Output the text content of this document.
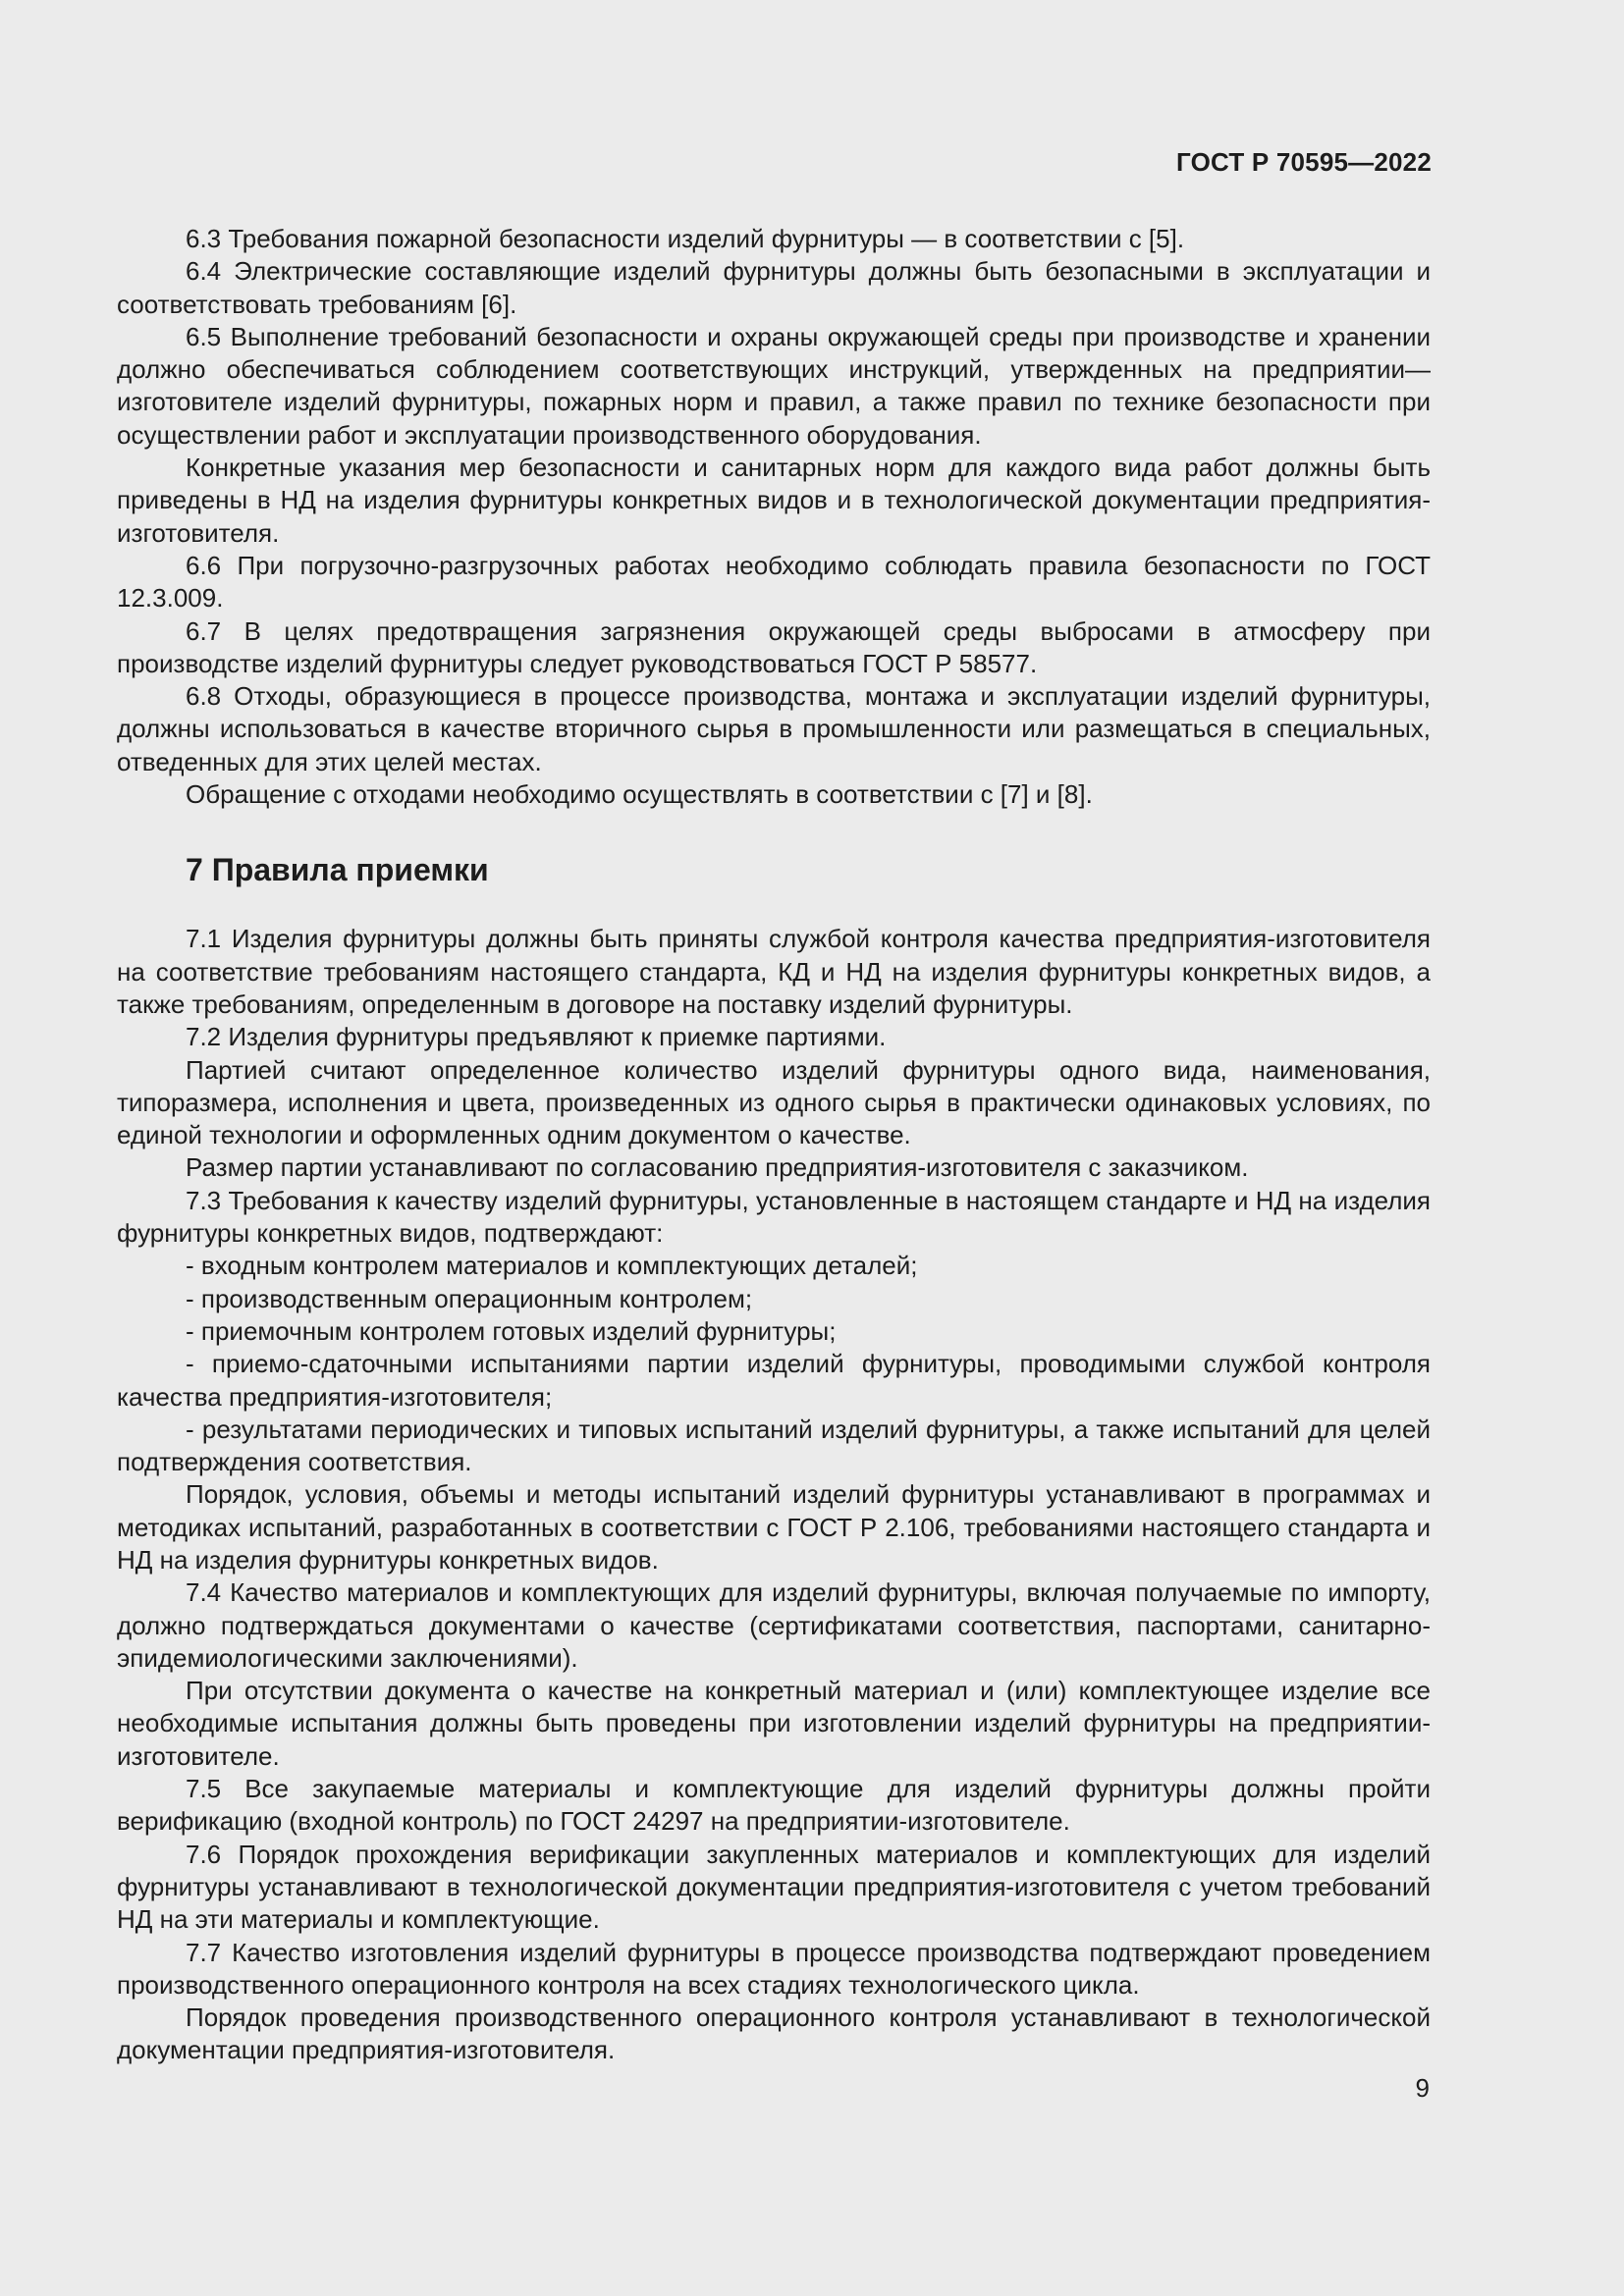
ГОСТ Р 70595—2022

6.3 Требования пожарной безопасности изделий фурнитуры — в соответствии с [5].

6.4 Электрические составляющие изделий фурнитуры должны быть безопасными в эксплуатации и соответствовать требованиям [6].

6.5 Выполнение требований безопасности и охраны окружающей среды при производстве и хранении должно обеспечиваться соблюдением соответствующих инструкций, утвержденных на предприятии—изготовителе изделий фурнитуры, пожарных норм и правил, а также правил по технике безопасности при осуществлении работ и эксплуатации производственного оборудования.

Конкретные указания мер безопасности и санитарных норм для каждого вида работ должны быть приведены в НД на изделия фурнитуры конкретных видов и в технологической документации предприятия-изготовителя.

6.6 При погрузочно-разгрузочных работах необходимо соблюдать правила безопасности по ГОСТ 12.3.009.

6.7 В целях предотвращения загрязнения окружающей среды выбросами в атмосферу при производстве изделий фурнитуры следует руководствоваться ГОСТ Р 58577.

6.8 Отходы, образующиеся в процессе производства, монтажа и эксплуатации изделий фурнитуры, должны использоваться в качестве вторичного сырья в промышленности или размещаться в специальных, отведенных для этих целей местах.

Обращение с отходами необходимо осуществлять в соответствии с [7] и [8].

7 Правила приемки

7.1 Изделия фурнитуры должны быть приняты службой контроля качества предприятия-изготовителя на соответствие требованиям настоящего стандарта, КД и НД на изделия фурнитуры конкретных видов, а также требованиям, определенным в договоре на поставку изделий фурнитуры.

7.2 Изделия фурнитуры предъявляют к приемке партиями.

Партией считают определенное количество изделий фурнитуры одного вида, наименования, типоразмера, исполнения и цвета, произведенных из одного сырья в практически одинаковых условиях, по единой технологии и оформленных одним документом о качестве.

Размер партии устанавливают по согласованию предприятия-изготовителя с заказчиком.

7.3 Требования к качеству изделий фурнитуры, установленные в настоящем стандарте и НД на изделия фурнитуры конкретных видов, подтверждают:

- входным контролем материалов и комплектующих деталей;

- производственным операционным контролем;

- приемочным контролем готовых изделий фурнитуры;

- приемо-сдаточными испытаниями партии изделий фурнитуры, проводимыми службой контроля качества предприятия-изготовителя;

- результатами периодических и типовых испытаний изделий фурнитуры, а также испытаний для целей подтверждения соответствия.

Порядок, условия, объемы и методы испытаний изделий фурнитуры устанавливают в программах и методиках испытаний, разработанных в соответствии с ГОСТ Р 2.106, требованиями настоящего стандарта и НД на изделия фурнитуры конкретных видов.

7.4 Качество материалов и комплектующих для изделий фурнитуры, включая получаемые по импорту, должно подтверждаться документами о качестве (сертификатами соответствия, паспортами, санитарно-эпидемиологическими заключениями).

При отсутствии документа о качестве на конкретный материал и (или) комплектующее изделие все необходимые испытания должны быть проведены при изготовлении изделий фурнитуры на предприятии-изготовителе.

7.5 Все закупаемые материалы и комплектующие для изделий фурнитуры должны пройти верификацию (входной контроль) по ГОСТ 24297 на предприятии-изготовителе.

7.6 Порядок прохождения верификации закупленных материалов и комплектующих для изделий фурнитуры устанавливают в технологической документации предприятия-изготовителя с учетом требований НД на эти материалы и комплектующие.

7.7 Качество изготовления изделий фурнитуры в процессе производства подтверждают проведением производственного операционного контроля на всех стадиях технологического цикла.

Порядок проведения производственного операционного контроля устанавливают в технологической документации предприятия-изготовителя.

9
